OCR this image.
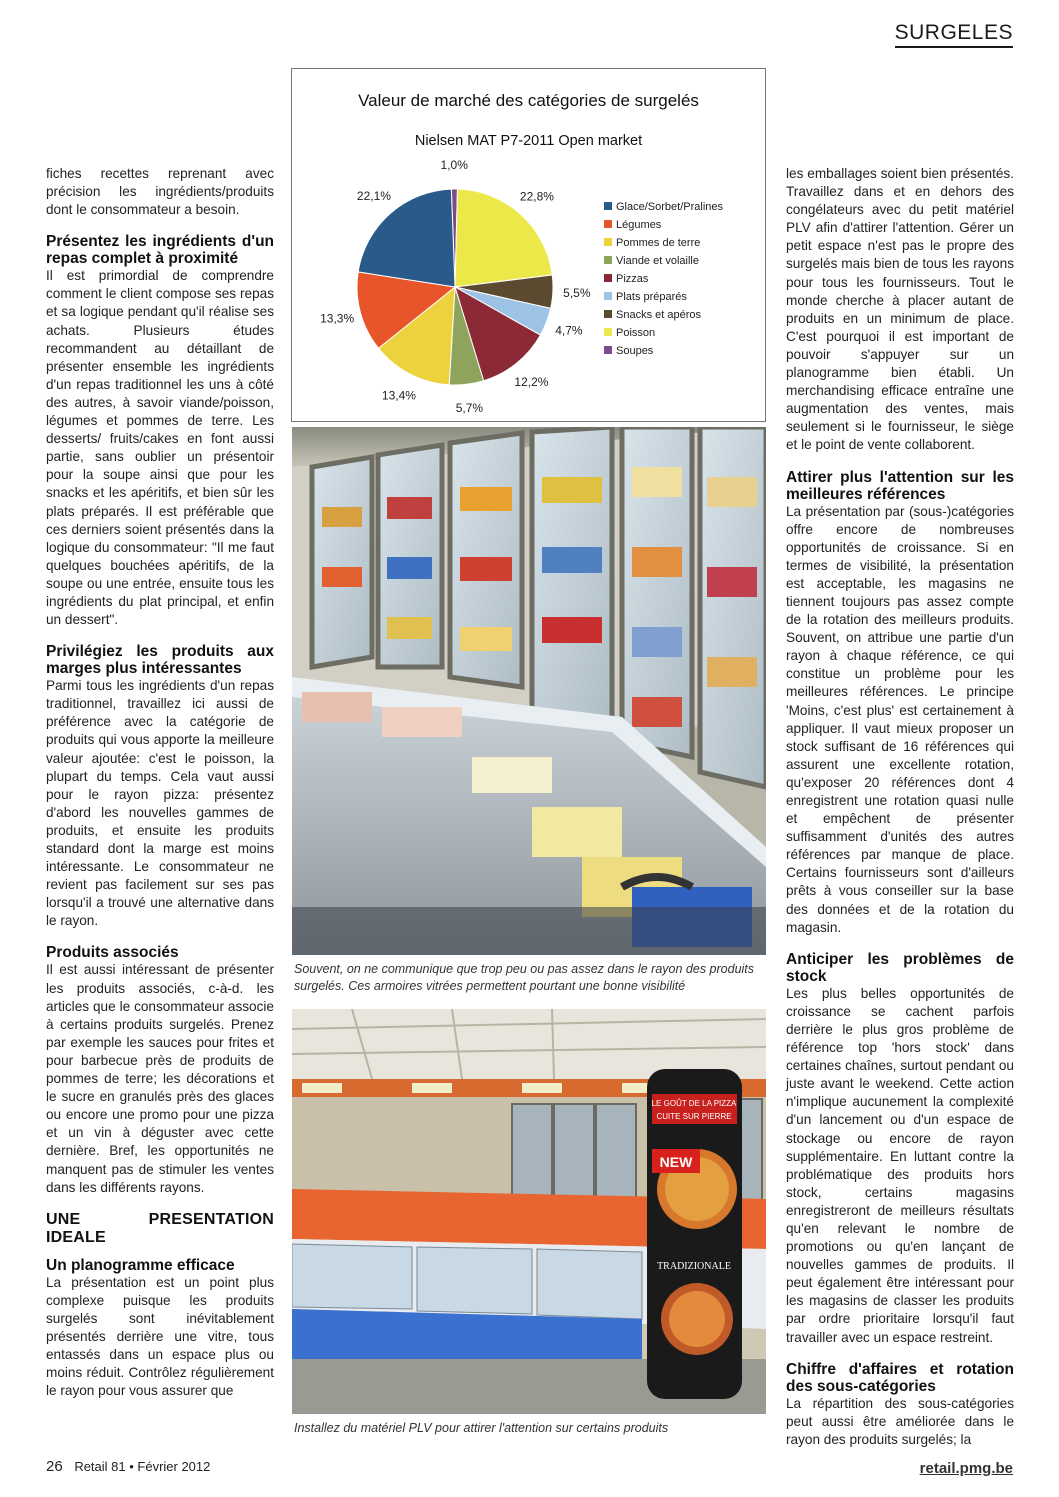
SURGELES

fiches recettes reprenant avec précision les ingrédients/produits dont le consommateur a besoin.

Présentez les ingrédients d'un repas complet à proximité

Il est primordial de comprendre comment le client compose ses repas et sa logique pendant qu'il réalise ses achats. Plusieurs études recommandent au détaillant de présenter ensemble les ingrédients d'un repas traditionnel les uns à côté des autres, à savoir viande/poisson, légumes et pommes de terre. Les desserts/ fruits/cakes en font aussi partie, sans oublier un présentoir pour la soupe ainsi que pour les snacks et les apéritifs, et bien sûr les plats préparés. Il est préférable que ces derniers soient présentés dans la logique du consommateur: "Il me faut quelques bouchées apéritifs, de la soupe ou une entrée, ensuite tous les ingrédients du plat principal, et enfin un dessert".

Privilégiez les produits aux marges plus intéressantes

Parmi tous les ingrédients d'un repas traditionnel, travaillez ici aussi de préférence avec la catégorie de produits qui vous apporte la meilleure valeur ajoutée: c'est le poisson, la plupart du temps. Cela vaut aussi pour le rayon pizza: présentez d'abord les nouvelles gammes de produits, et ensuite les produits standard dont la marge est moins intéressante. Le consommateur ne revient pas facilement sur ses pas lorsqu'il a trouvé une alternative dans le rayon.

Produits associés

Il est aussi intéressant de présenter les produits associés, c-à-d. les articles que le consommateur associe à certains produits surgelés. Prenez par exemple les sauces pour frites et pour barbecue près de produits de pommes de terre; les décorations et le sucre en granulés près des glaces ou encore une promo pour une pizza et un vin à déguster avec cette dernière. Bref, les opportunités ne manquent pas de stimuler les ventes dans les différents rayons.

UNE PRESENTATION IDEALE
Un planogramme efficace

La présentation est un point plus complexe puisque les produits surgelés sont inévitablement présentés derrière une vitre, tous entassés dans un espace plus ou moins réduit. Contrôlez régulièrement le rayon pour vous assurer que

Valeur de marché des catégories de surgelés
Nielsen MAT P7-2011 Open market
1,0%
22,8%
5,5%
4,7%
12,2%
5,7%
13,4%
13,3%
22,1%
Glace/Sorbet/Pralines
Légumes
Pommes de terre
Viande et volaille
Pizzas
Plats préparés
Snacks et apéros
Poisson
Soupes
Souvent, on ne communique que trop peu ou pas assez dans le rayon des produits surgelés. Ces armoires vitrées permettent pourtant une bonne visibilité
LE GOÛT DE LA PIZZA
CUITE SUR PIERRE
NEW
TRADIZIONALE
Installez du matériel PLV pour attirer l'attention sur certains produits

les emballages soient bien présentés. Travaillez dans et en dehors des congélateurs avec du petit matériel PLV afin d'attirer l'attention. Gérer un petit espace n'est pas le propre des surgelés mais bien de tous les rayons pour tous les fournisseurs. Tout le monde cherche à placer autant de produits en un minimum de place. C'est pourquoi il est important de pouvoir s'appuyer sur un planogramme bien établi. Un merchandising efficace entraîne une augmentation des ventes, mais seulement si le fournisseur, le siège et le point de vente collaborent.

Attirer plus l'attention sur les meilleures références

La présentation par (sous-)catégories offre encore de nombreuses opportunités de croissance. Si en termes de visibilité, la présentation est acceptable, les magasins ne tiennent toujours pas assez compte de la rotation des meilleurs produits. Souvent, on attribue une partie d'un rayon à chaque référence, ce qui constitue un problème pour les meilleures références. Le principe 'Moins, c'est plus' est certainement à appliquer. Il vaut mieux proposer un stock suffisant de 16 références qui assurent une excellente rotation, qu'exposer 20 références dont 4 enregistrent une rotation quasi nulle et empêchent de présenter suffisamment d'unités des autres références par manque de place. Certains fournisseurs sont d'ailleurs prêts à vous conseiller sur la base des données et de la rotation du magasin.

Anticiper les problèmes de stock

Les plus belles opportunités de croissance se cachent parfois derrière le plus gros problème de référence top 'hors stock' dans certaines chaînes, surtout pendant ou juste avant le weekend. Cette action n'implique aucunement la complexité d'un lancement ou d'un espace de stockage ou encore de rayon supplémentaire. En luttant contre la problématique des produits hors stock, certains magasins enregistreront de meilleurs résultats qu'en relevant le nombre de promotions ou qu'en lançant de nouvelles gammes de produits. Il peut également être intéressant pour les magasins de classer les produits par ordre prioritaire lorsqu'il faut travailler avec un espace restreint.

Chiffre d'affaires et rotation des sous-catégories

La répartition des sous-catégories peut aussi être améliorée dans le rayon des produits surgelés; la

26 Retail 81 • Février 2012	retail.pmg.be
